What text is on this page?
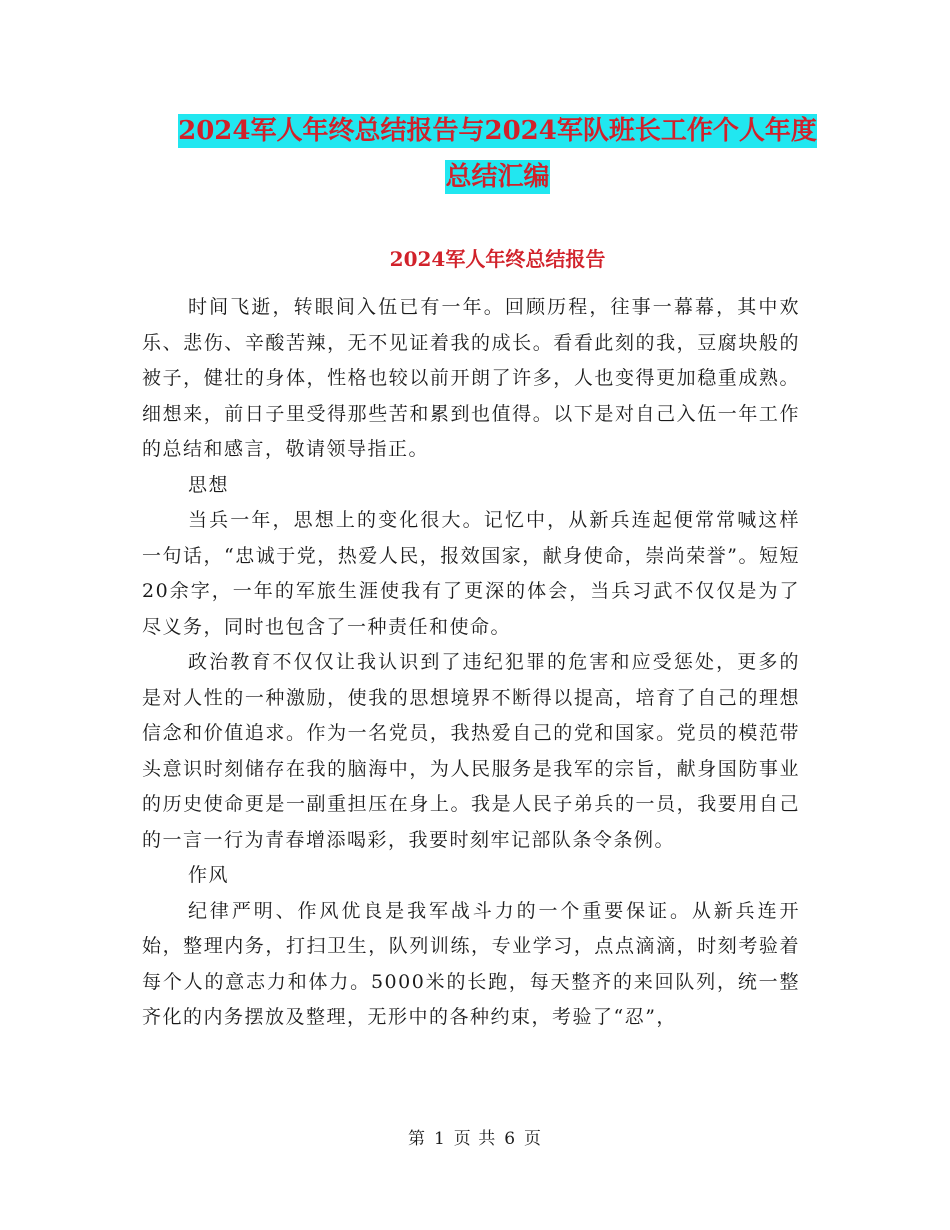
2024军人年终总结报告与2024军队班长工作个人年度
总结汇编
2024军人年终总结报告

时间飞逝，转眼间入伍已有一年。回顾历程，往事一幕幕，其中欢乐、悲伤、辛酸苦辣，无不见证着我的成长。看看此刻的我，豆腐块般的被子，健壮的身体，性格也较以前开朗了许多，人也变得更加稳重成熟。细想来，前日子里受得那些苦和累到也值得。以下是对自己入伍一年工作的总结和感言，敬请领导指正。

思想

当兵一年，思想上的变化很大。记忆中，从新兵连起便常常喊这样一句话，“忠诚于党，热爱人民，报效国家，献身使命，崇尚荣誉”。短短20余字，一年的军旅生涯使我有了更深的体会，当兵习武不仅仅是为了尽义务，同时也包含了一种责任和使命。

政治教育不仅仅让我认识到了违纪犯罪的危害和应受惩处，更多的是对人性的一种激励，使我的思想境界不断得以提高，培育了自己的理想信念和价值追求。作为一名党员，我热爱自己的党和国家。党员的模范带头意识时刻储存在我的脑海中，为人民服务是我军的宗旨，献身国防事业的历史使命更是一副重担压在身上。我是人民子弟兵的一员，我要用自己的一言一行为青春增添喝彩，我要时刻牢记部队条令条例。

作风

纪律严明、作风优良是我军战斗力的一个重要保证。从新兵连开始，整理内务，打扫卫生，队列训练，专业学习，点点滴滴，时刻考验着每个人的意志力和体力。5000米的长跑，每天整齐的来回队列，统一整齐化的内务摆放及整理，无形中的各种约束，考验了“忍”，

第 1 页 共 6 页
